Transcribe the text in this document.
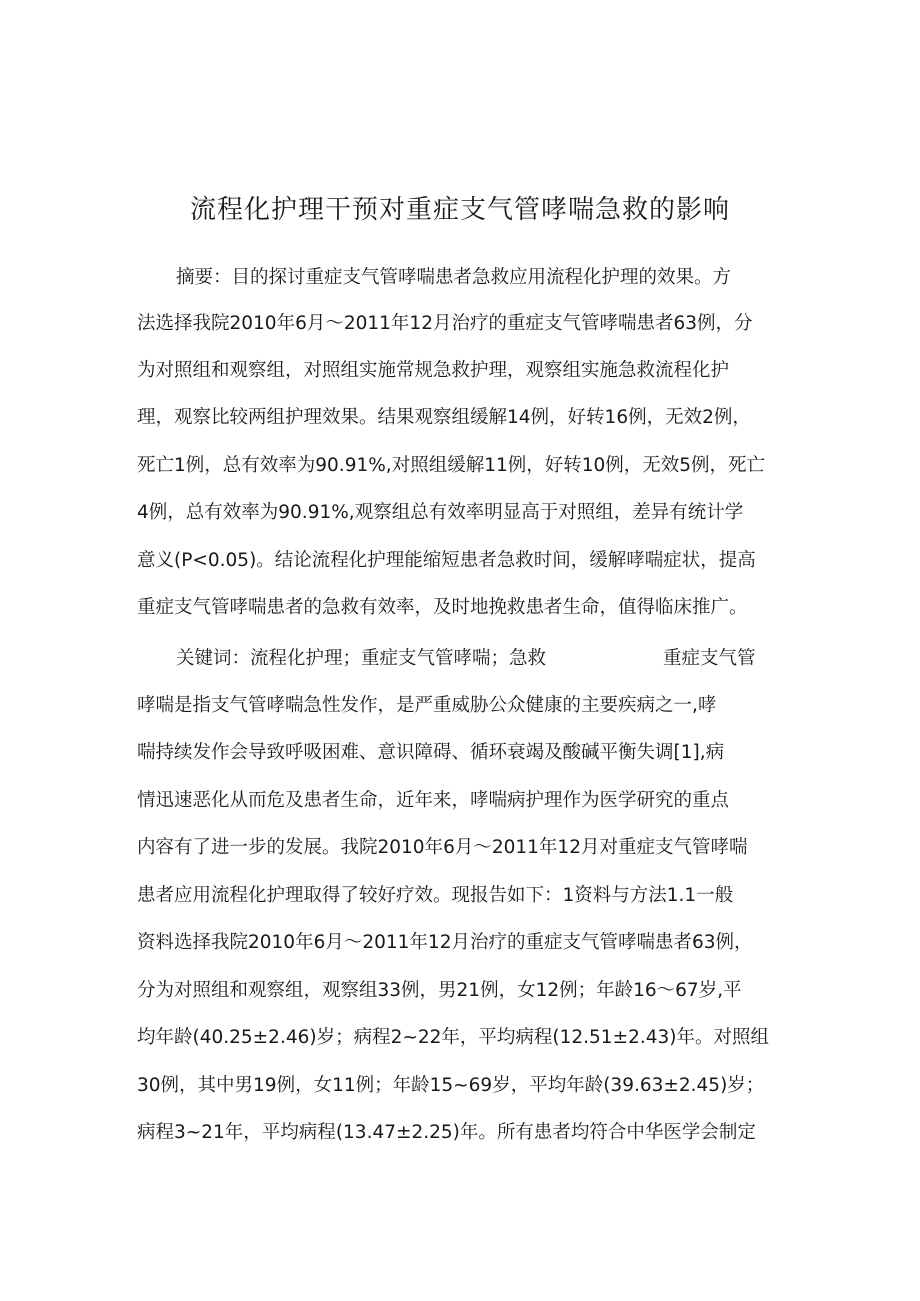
流程化护理干预对重症支气管哮喘急救的影响

摘要：目的探讨重症支气管哮喘患者急救应用流程化护理的效果。方

法选择我院2010年6月～2011年12月治疗的重症支气管哮喘患者63例，分

为对照组和观察组，对照组实施常规急救护理，观察组实施急救流程化护

理，观察比较两组护理效果。结果观察组缓解14例，好转16例，无效2例，

死亡1例，总有效率为90.91%,对照组缓解11例，好转10例，无效5例，死亡

4例，总有效率为90.91%,观察组总有效率明显高于对照组，差异有统计学

意义(P<0.05)。结论流程化护理能缩短患者急救时间，缓解哮喘症状，提高

重症支气管哮喘患者的急救有效率，及时地挽救患者生命，值得临床推广。

关键词：流程化护理；重症支气管哮喘；急救	重症支气管

哮喘是指支气管哮喘急性发作，是严重威胁公众健康的主要疾病之一,哮

喘持续发作会导致呼吸困难、意识障碍、循环衰竭及酸碱平衡失调[1],病

情迅速恶化从而危及患者生命，近年来，哮喘病护理作为医学研究的重点

内容有了进一步的发展。我院2010年6月～2011年12月对重症支气管哮喘

患者应用流程化护理取得了较好疗效。现报告如下：1资料与方法1.1一般

资料选择我院2010年6月～2011年12月治疗的重症支气管哮喘患者63例，

分为对照组和观察组，观察组33例，男21例，女12例；年龄16～67岁,平

均年龄(40.25±2.46)岁；病程2~22年，平均病程(12.51±2.43)年。对照组

30例，其中男19例，女11例；年龄15~69岁，平均年龄(39.63±2.45)岁；

病程3~21年，平均病程(13.47±2.25)年。所有患者均符合中华医学会制定
